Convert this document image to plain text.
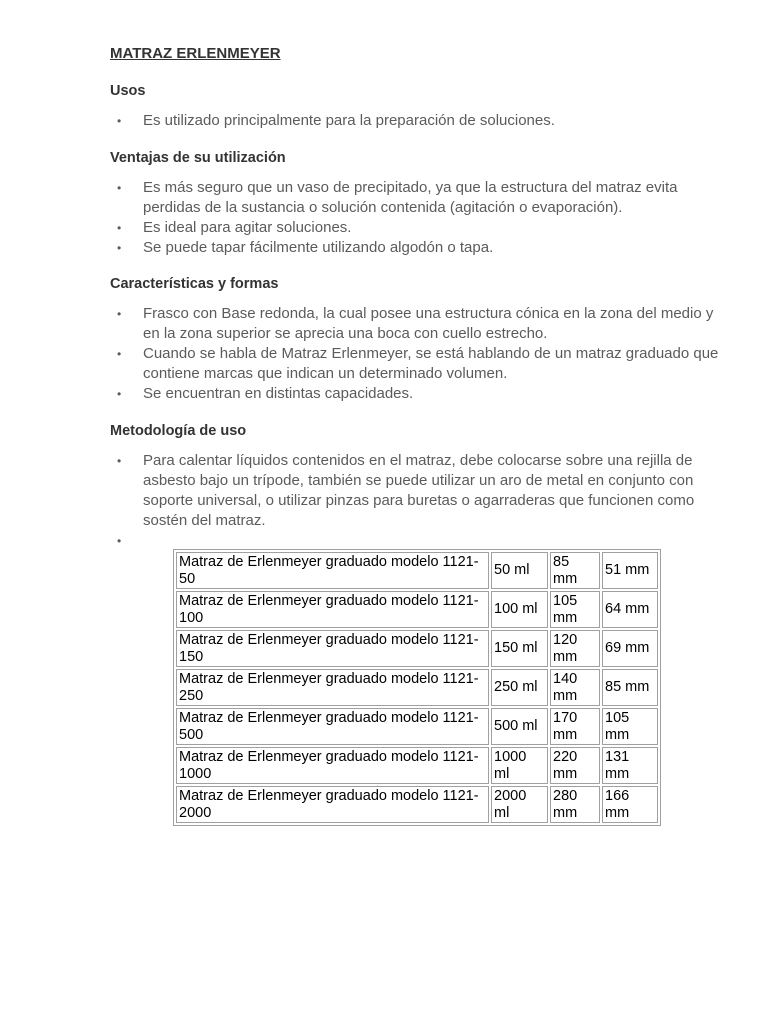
MATRAZ ERLENMEYER
Usos
• Es utilizado principalmente para la preparación de soluciones.
Ventajas de su utilización
• Es más seguro que un vaso de precipitado, ya que la estructura del matraz evita perdidas de la sustancia o solución contenida (agitación o evaporación).
• Es ideal para agitar soluciones.
• Se puede tapar fácilmente utilizando algodón o tapa.
Características y formas
• Frasco con Base redonda, la cual posee una estructura cónica en la zona del medio y en la zona superior se aprecia una boca con cuello estrecho.
• Cuando se habla de Matraz Erlenmeyer, se está hablando de un matraz graduado que contiene marcas que indican un determinado volumen.
• Se encuentran en distintas capacidades.
Metodología de uso
• Para calentar líquidos contenidos en el matraz, debe colocarse sobre una rejilla de asbesto bajo un trípode, también se puede utilizar un aro de metal en conjunto con soporte universal, o utilizar pinzas para buretas o agarraderas que funcionen como sostén del matraz.
Matraz de Erlenmeyer graduado modelo 1121-50	50 ml	85 mm	51 mm
Matraz de Erlenmeyer graduado modelo 1121-100	100 ml	105 mm	64 mm
Matraz de Erlenmeyer graduado modelo 1121-150	150 ml	120 mm	69 mm
Matraz de Erlenmeyer graduado modelo 1121-250	250 ml	140 mm	85 mm
Matraz de Erlenmeyer graduado modelo 1121-500	500 ml	170 mm	105 mm
Matraz de Erlenmeyer graduado modelo 1121-1000	1000 ml	220 mm	131 mm
Matraz de Erlenmeyer graduado modelo 1121-2000	2000 ml	280 mm	166 mm
